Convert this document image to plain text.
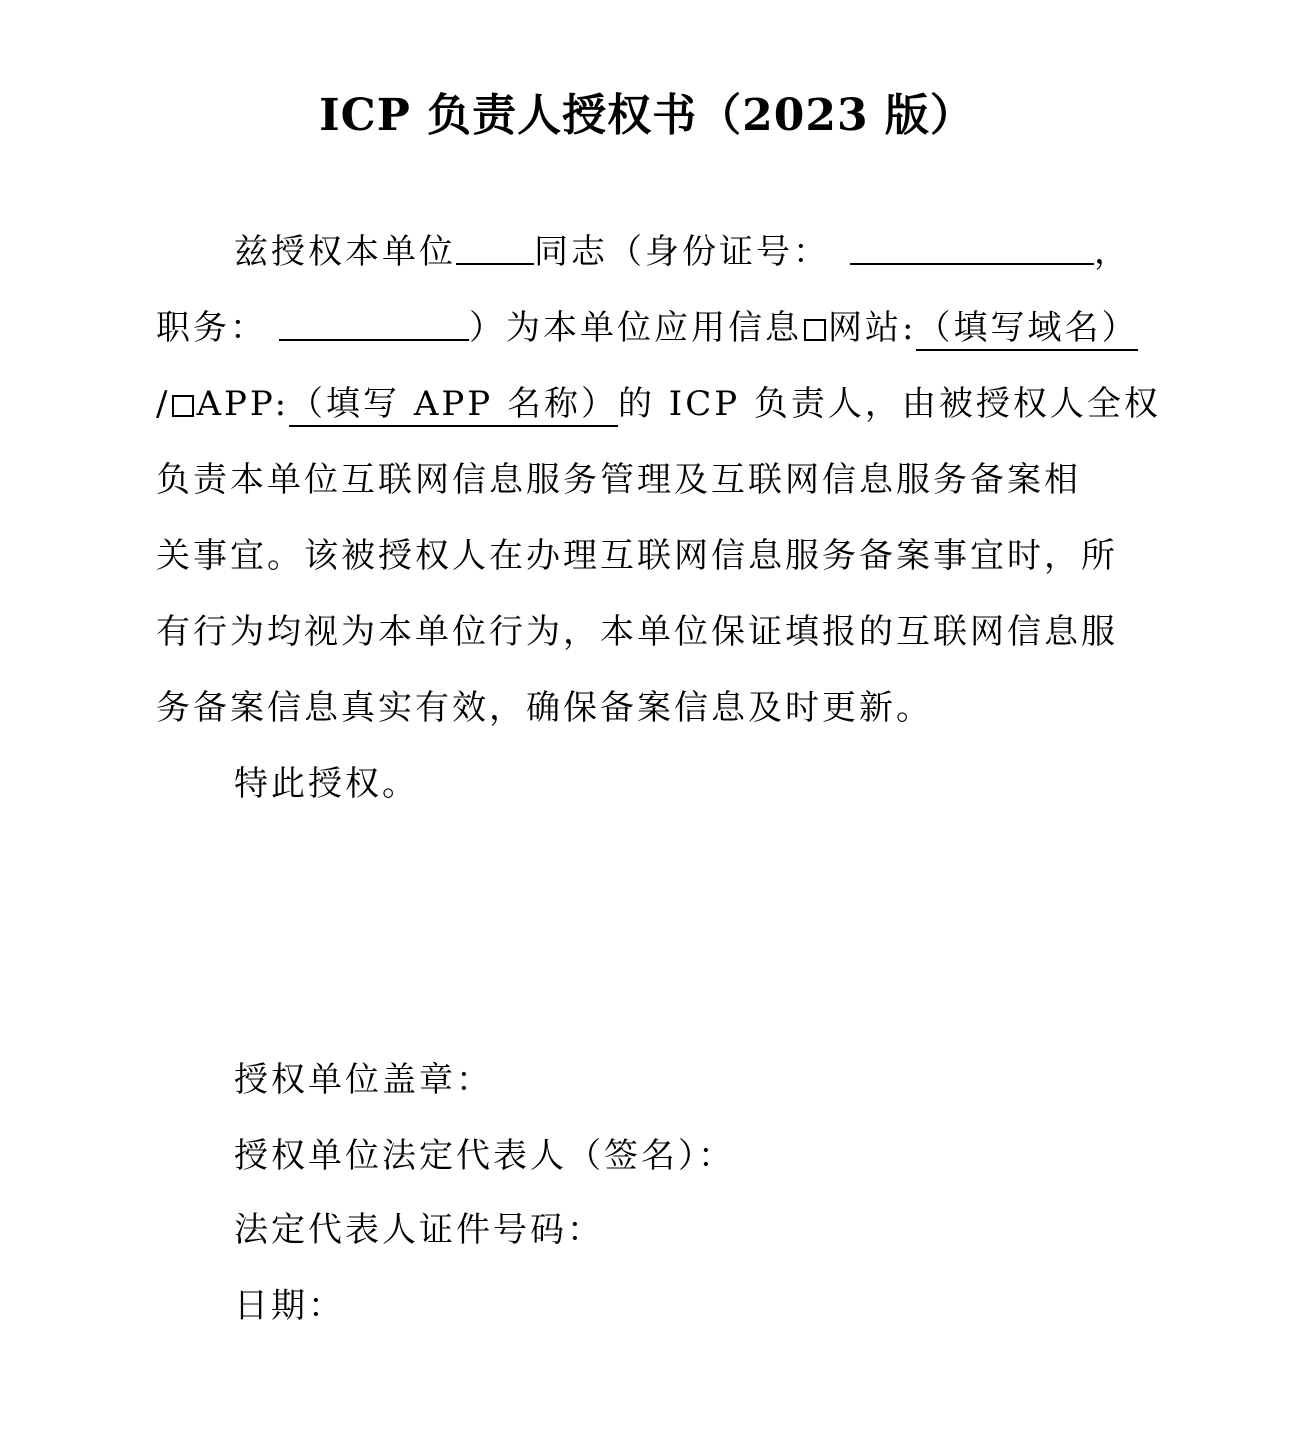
ICP 负责人授权书（2023 版）
兹授权本单位 同志（身份证号：	，
职务：	）为本单位应用信息 网站:（填写域名）
/ APP:（填写 APP 名称）的 ICP 负责人，由被授权人全权
负责本单位互联网信息服务管理及互联网信息服务备案相
关事宜。该被授权人在办理互联网信息服务备案事宜时，所
有行为均视为本单位行为，本单位保证填报的互联网信息服
务备案信息真实有效，确保备案信息及时更新。
特此授权。
授权单位盖章：
授权单位法定代表人（签名）：
法定代表人证件号码：
日期：
